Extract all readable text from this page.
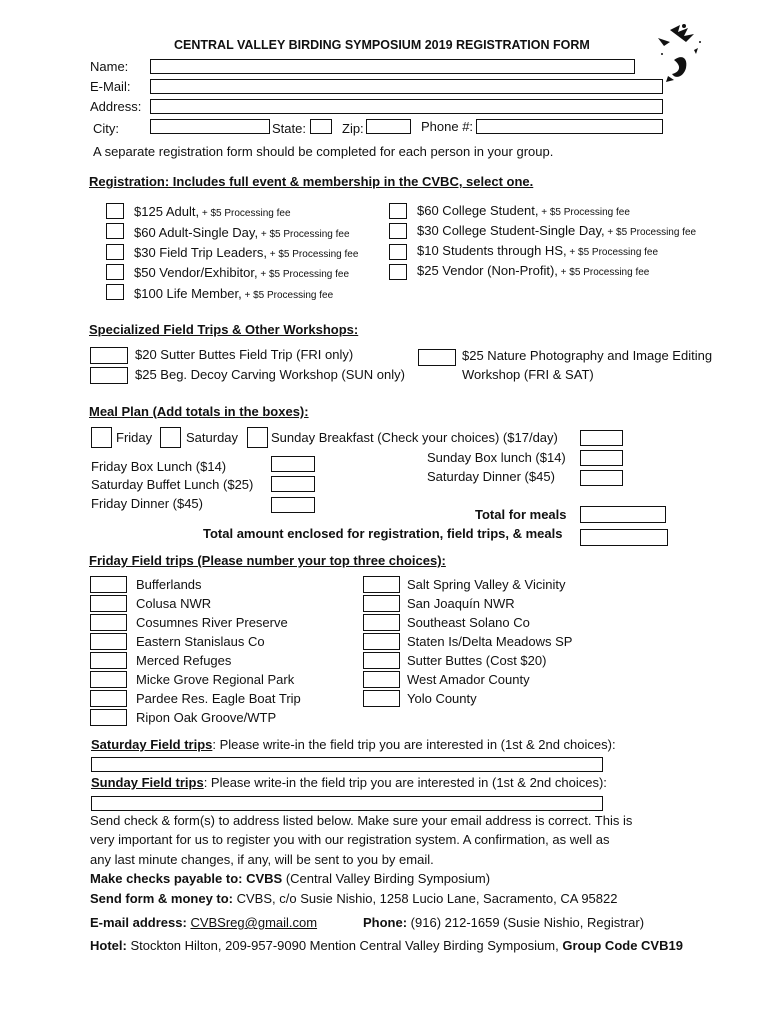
CENTRAL VALLEY BIRDING SYMPOSIUM 2019 REGISTRATION FORM
Name:
E-Mail:
Address:
City:	State:	Zip:	Phone #:
A separate registration form should be completed for each person in your group.
Registration: Includes full event & membership in the CVBC, select one.
$125 Adult, + $5 Processing fee
$60 Adult-Single Day, + $5 Processing fee
$30 Field Trip Leaders, + $5 Processing fee
$50 Vendor/Exhibitor, + $5 Processing fee
$100 Life Member, + $5 Processing fee
$60 College Student, + $5 Processing fee
$30 College Student-Single Day, + $5 Processing fee
$10 Students through HS, + $5 Processing fee
$25 Vendor (Non-Profit), + $5 Processing fee
Specialized Field Trips & Other Workshops:
$20 Sutter Buttes Field Trip (FRI only)
$25 Beg. Decoy Carving Workshop (SUN only)
$25 Nature Photography and Image Editing
Workshop (FRI & SAT)
Meal Plan (Add totals in the boxes):
Friday	Saturday	Sunday Breakfast (Check your choices) ($17/day)
Sunday Box lunch ($14)
Saturday Dinner ($45)
Friday Box Lunch ($14)
Saturday Buffet Lunch ($25)
Friday Dinner ($45)
Total for meals
Total amount enclosed for registration, field trips, & meals
Friday Field trips (Please number your top three choices):
Bufferlands
Colusa NWR
Cosumnes River Preserve
Eastern Stanislaus Co
Merced Refuges
Micke Grove Regional Park
Pardee Res. Eagle Boat Trip
Ripon Oak Groove/WTP
Salt Spring Valley & Vicinity
San Joaquín NWR
Southeast Solano Co
Staten Is/Delta Meadows SP
Sutter Buttes (Cost $20)
West Amador County
Yolo County
Saturday Field trips: Please write-in the field trip you are interested in (1st & 2nd choices):
Sunday Field trips: Please write-in the field trip you are interested in (1st & 2nd choices):
Send check & form(s) to address listed below. Make sure your email address is correct. This is
very important for us to register you with our registration system. A confirmation, as well as
any last minute changes, if any, will be sent to you by email.
Make checks payable to: CVBS (Central Valley Birding Symposium)
Send form & money to: CVBS, c/o Susie Nishio, 1258 Lucio Lane, Sacramento, CA 95822
E-mail address: CVBSreg@gmail.com	Phone: (916) 212-1659 (Susie Nishio, Registrar)
Hotel: Stockton Hilton, 209-957-9090 Mention Central Valley Birding Symposium, Group Code CVB19
